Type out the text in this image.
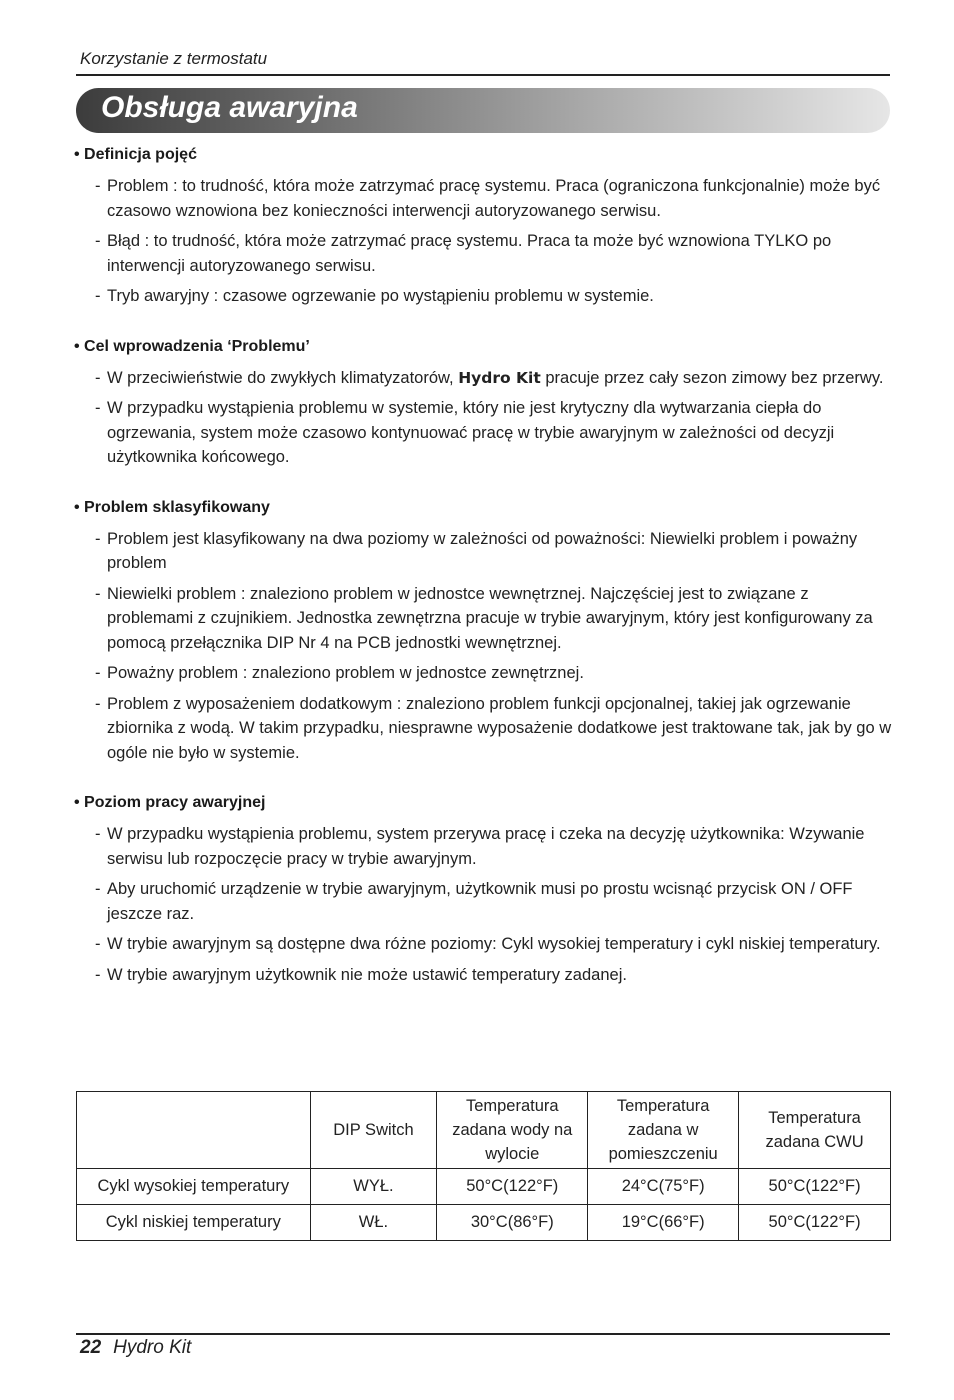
Korzystanie z termostatu
Obsługa awaryjna
• Definicja pojęć
- Problem : to trudność, która może zatrzymać pracę systemu. Praca (ograniczona funkcjonalnie) może być czasowo wznowiona bez konieczności interwencji autoryzowanego serwisu.
- Błąd : to trudność, która może zatrzymać pracę systemu. Praca ta może być wznowiona TYLKO po interwencji autoryzowanego serwisu.
- Tryb awaryjny : czasowe ogrzewanie po wystąpieniu problemu w systemie.
• Cel wprowadzenia ‘Problemu’
- W przeciwieństwie do zwykłych klimatyzatorów, Hydro Kit pracuje przez cały sezon zimowy bez przerwy.
- W przypadku wystąpienia problemu w systemie, który nie jest krytyczny dla wytwarzania ciepła do ogrzewania, system może czasowo kontynuować pracę w trybie awaryjnym w zależności od decyzji użytkownika końcowego.
• Problem sklasyfikowany
- Problem jest klasyfikowany na dwa poziomy w zależności od poważności: Niewielki problem i poważny problem
- Niewielki problem : znaleziono problem w jednostce wewnętrznej. Najczęściej jest to związane z problemami z czujnikiem. Jednostka zewnętrzna pracuje w trybie awaryjnym, który jest konfigurowany za pomocą przełącznika DIP Nr 4 na PCB jednostki wewnętrznej.
- Poważny problem : znaleziono problem w jednostce zewnętrznej.
- Problem z wyposażeniem dodatkowym : znaleziono problem funkcji opcjonalnej, takiej jak ogrzewanie zbiornika z wodą. W takim przypadku, niesprawne wyposażenie dodatkowe jest traktowane tak, jak by go w ogóle nie było w systemie.
• Poziom pracy awaryjnej
- W przypadku wystąpienia problemu, system przerywa pracę i czeka na decyzję użytkownika: Wzywanie serwisu lub rozpoczęcie pracy w trybie awaryjnym.
- Aby uruchomić urządzenie w trybie awaryjnym, użytkownik musi po prostu wcisnąć przycisk ON / OFF jeszcze raz.
- W trybie awaryjnym są dostępne dwa różne poziomy: Cykl wysokiej temperatury i cykl niskiej temperatury.
- W trybie awaryjnym użytkownik nie może ustawić temperatury zadanej.
	DIP Switch	Temperatura zadana wody na wylocie	Temperatura zadana w pomieszczeniu	Temperatura zadana CWU
Cykl wysokiej temperatury	WYŁ.	50°C(122°F)	24°C(75°F)	50°C(122°F)
Cykl niskiej temperatury	WŁ.	30°C(86°F)	19°C(66°F)	50°C(122°F)
22 Hydro Kit
